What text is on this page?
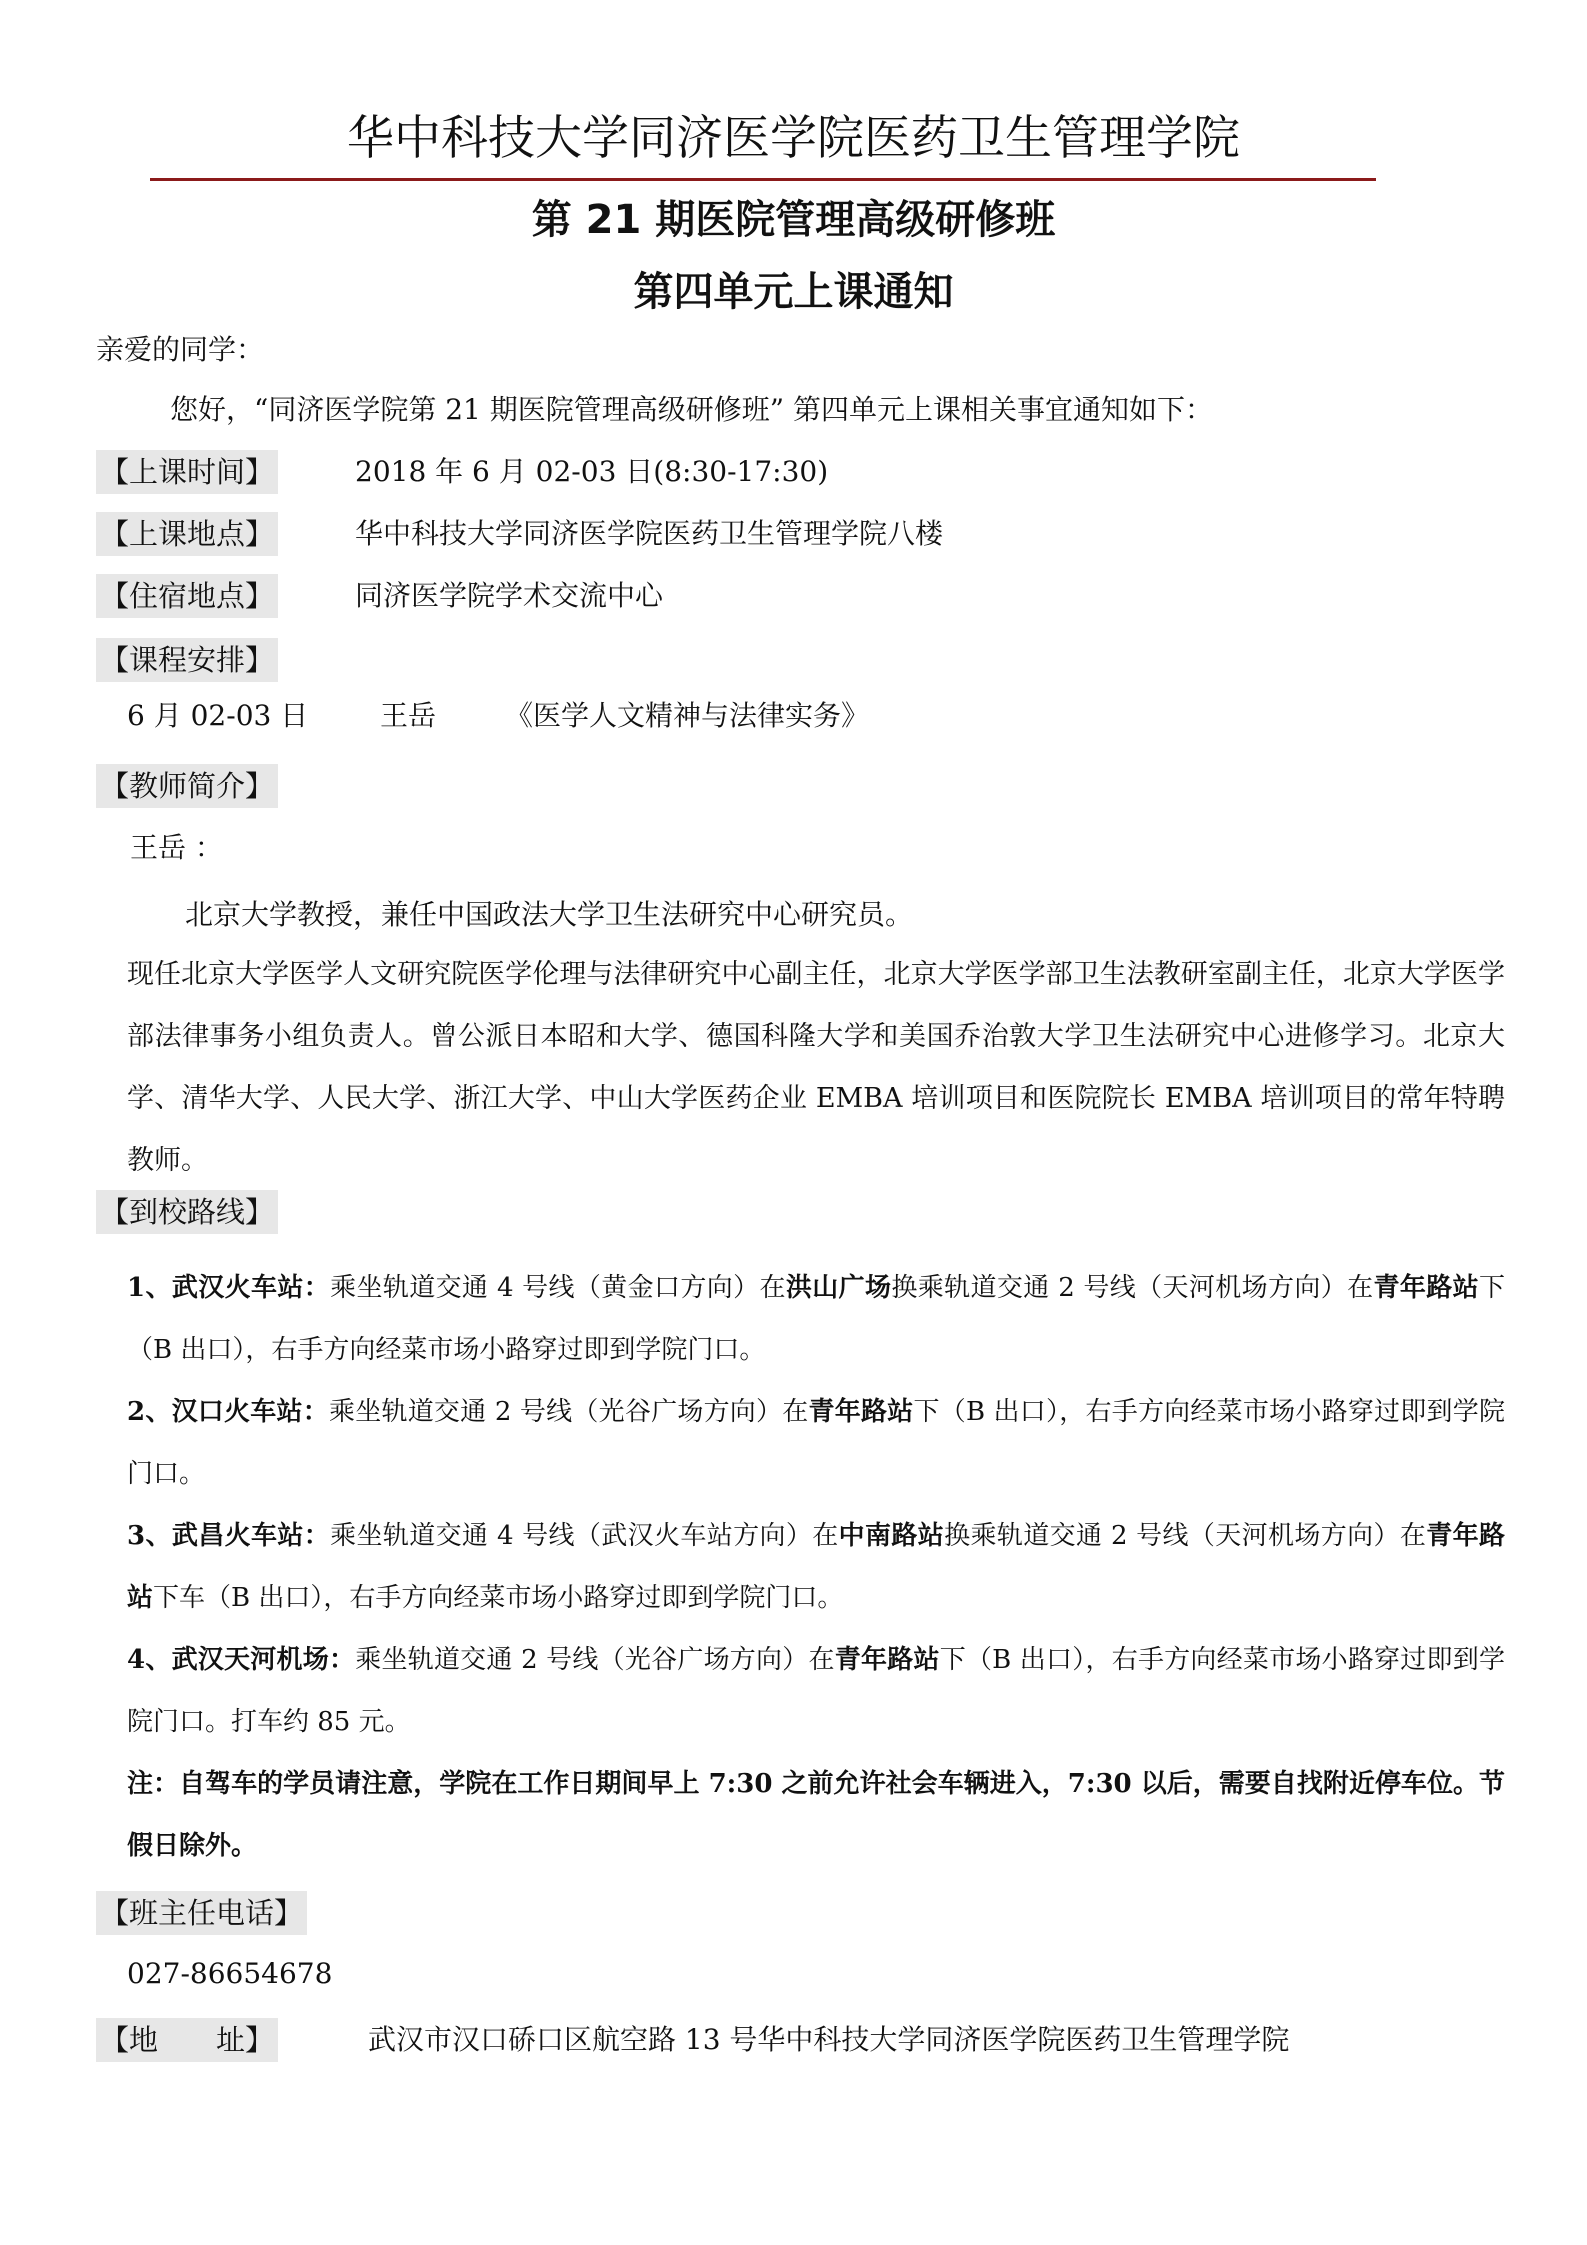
华中科技大学同济医学院医药卫生管理学院
第 21 期医院管理高级研修班
第四单元上课通知
亲爱的同学：
您好，“同济医学院第 21 期医院管理高级研修班” 第四单元上课相关事宜通知如下：
【上课时间】	2018 年 6 月 02-03 日(8:30-17:30)
【上课地点】	华中科技大学同济医学院医药卫生管理学院八楼
【住宿地点】	同济医学院学术交流中心
【课程安排】
6 月 02-03 日	王岳 《医学人文精神与法律实务》
【教师简介】
王岳 ：
北京大学教授，兼任中国政法大学卫生法研究中心研究员。
现任北京大学医学人文研究院医学伦理与法律研究中心副主任，北京大学医学部卫生法教研室副主任，北京大学医学部法律事务小组负责人。曾公派日本昭和大学、德国科隆大学和美国乔治敦大学卫生法研究中心进修学习。北京大学、清华大学、人民大学、浙江大学、中山大学医药企业 EMBA 培训项目和医院院长 EMBA 培训项目的常年特聘教师。
【到校路线】
1、武汉火车站：乘坐轨道交通 4 号线（黄金口方向）在洪山广场换乘轨道交通 2 号线（天河机场方向）在青年路站下（B 出口），右手方向经菜市场小路穿过即到学院门口。
2、汉口火车站：乘坐轨道交通 2 号线（光谷广场方向）在青年路站下（B 出口），右手方向经菜市场小路穿过即到学院门口。
3、武昌火车站：乘坐轨道交通 4 号线（武汉火车站方向）在中南路站换乘轨道交通 2 号线（天河机场方向）在青年路站下车（B 出口），右手方向经菜市场小路穿过即到学院门口。
4、武汉天河机场：乘坐轨道交通 2 号线（光谷广场方向）在青年路站下（B 出口），右手方向经菜市场小路穿过即到学院门口。打车约 85 元。
注：自驾车的学员请注意，学院在工作日期间早上 7:30 之前允许社会车辆进入，7:30 以后，需要自找附近停车位。节假日除外。
【班主任电话】
027-86654678
【地　　址】	武汉市汉口硚口区航空路 13 号华中科技大学同济医学院医药卫生管理学院
